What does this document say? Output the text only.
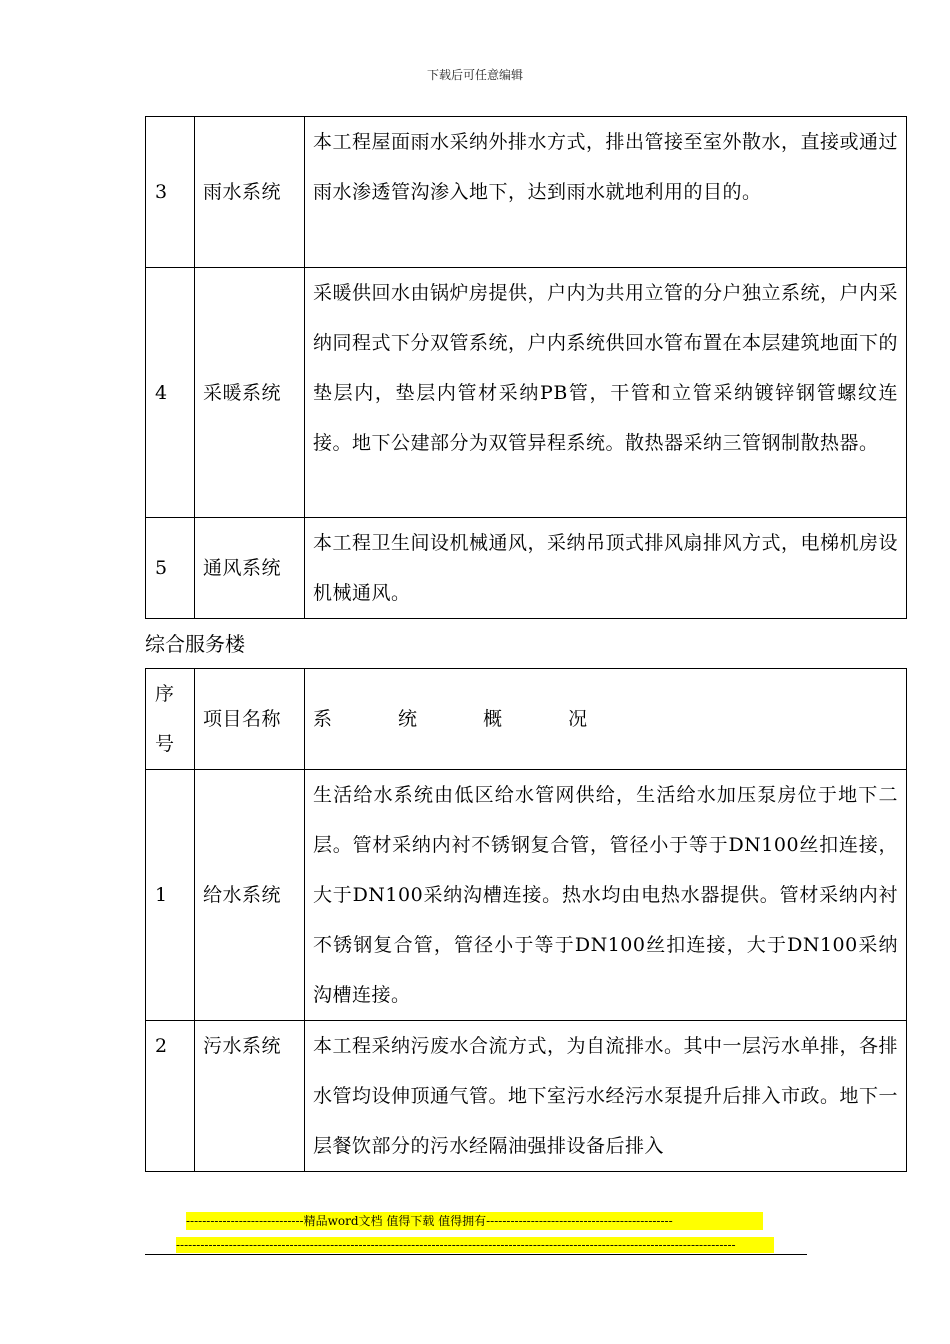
下载后可任意编辑
3	雨水系统	本工程屋面雨水采纳外排水方式，排出管接至室外散水，直接或通过雨水渗透管沟渗入地下，达到雨水就地利用的目的。
4	采暖系统	采暖供回水由锅炉房提供，户内为共用立管的分户独立系统，户内采纳同程式下分双管系统，户内系统供回水管布置在本层建筑地面下的垫层内，垫层内管材采纳PB管，干管和立管采纳镀锌钢管螺纹连接。地下公建部分为双管异程系统。散热器采纳三管钢制散热器。
5	通风系统	本工程卫生间设机械通风，采纳吊顶式排风扇排风方式，电梯机房设机械通风。
综合服务楼
序号	项目名称	系 统 概 况
1	给水系统	生活给水系统由低区给水管网供给，生活给水加压泵房位于地下二层。管材采纳内衬不锈钢复合管，管径小于等于DN100丝扣连接，大于DN100采纳沟槽连接。热水均由电热水器提供。管材采纳内衬不锈钢复合管，管径小于等于DN100丝扣连接，大于DN100采纳沟槽连接。
2	污水系统	本工程采纳污废水合流方式，为自流排水。其中一层污水单排，各排水管均设伸顶通气管。地下室污水经污水泵提升后排入市政。地下一层餐饮部分的污水经隔油强排设备后排入
-----------------------------精品word文档 值得下载 值得拥有----------------------------------------------
------------------------------------------------------------------------------------------------------------------------------------------
